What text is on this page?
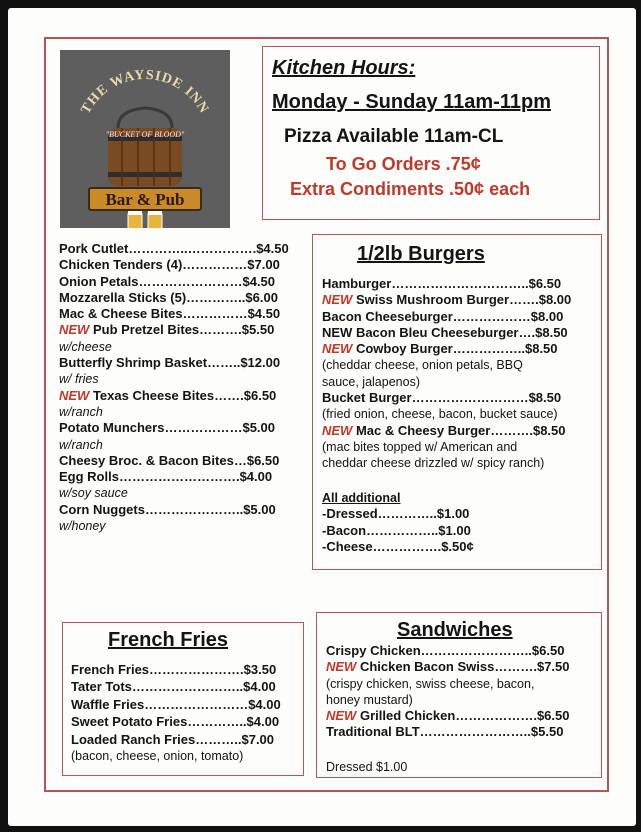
THE WAYSIDE INN
"BUCKET OF BLOOD"
Bar & Pub
Kitchen Hours:
Monday - Sunday 11am-11pm
Pizza Available 11am-CL
To Go Orders .75¢
Extra Condiments .50¢ each
Pork Cutlet…………..…………….$4.50
Chicken Tenders (4)……………$7.00
Onion Petals……………………$4.50
Mozzarella Sticks (5)…………..$6.00
Mac & Cheese Bites……………$4.50
NEW Pub Pretzel Bites……….$5.50
w/cheese
Butterfly Shrimp Basket……..$12.00
w/ fries
NEW Texas Cheese Bites…….$6.50
w/ranch
Potato Munchers………………$5.00
w/ranch
Cheesy Broc. & Bacon Bites…$6.50
Egg Rolls……………………….$4.00
w/soy sauce
Corn Nuggets…………………..$5.00
w/honey
1/2lb Burgers
Hamburger…………………………..$6.50
NEW Swiss Mushroom Burger…….$8.00
Bacon Cheeseburger………………$8.00
NEW Bacon Bleu Cheeseburger….$8.50
NEW Cowboy Burger……………..$8.50
(cheddar cheese, onion petals, BBQ
sauce, jalapenos)
Bucket Burger………………………$8.50
(fried onion, cheese, bacon, bucket sauce)
NEW Mac & Cheesy Burger……….$8.50
(mac bites topped w/ American and
cheddar cheese drizzled w/ spicy ranch)
All additional
-Dressed…………..$1.00
-Bacon……………..$1.00
-Cheese…………….$.50¢
French Fries
French Fries………………….$3.50
Tater Tots……………………..$4.00
Waffle Fries……………………$4.00
Sweet Potato Fries…………..$4.00
Loaded Ranch Fries………..$7.00
(bacon, cheese, onion, tomato)
Sandwiches
Crispy Chicken……………………..$6.50
NEW Chicken Bacon Swiss……….$7.50
(crispy chicken, swiss cheese, bacon,
honey mustard)
NEW Grilled Chicken……………….$6.50
Traditional BLT……………………..$5.50
Dressed $1.00
